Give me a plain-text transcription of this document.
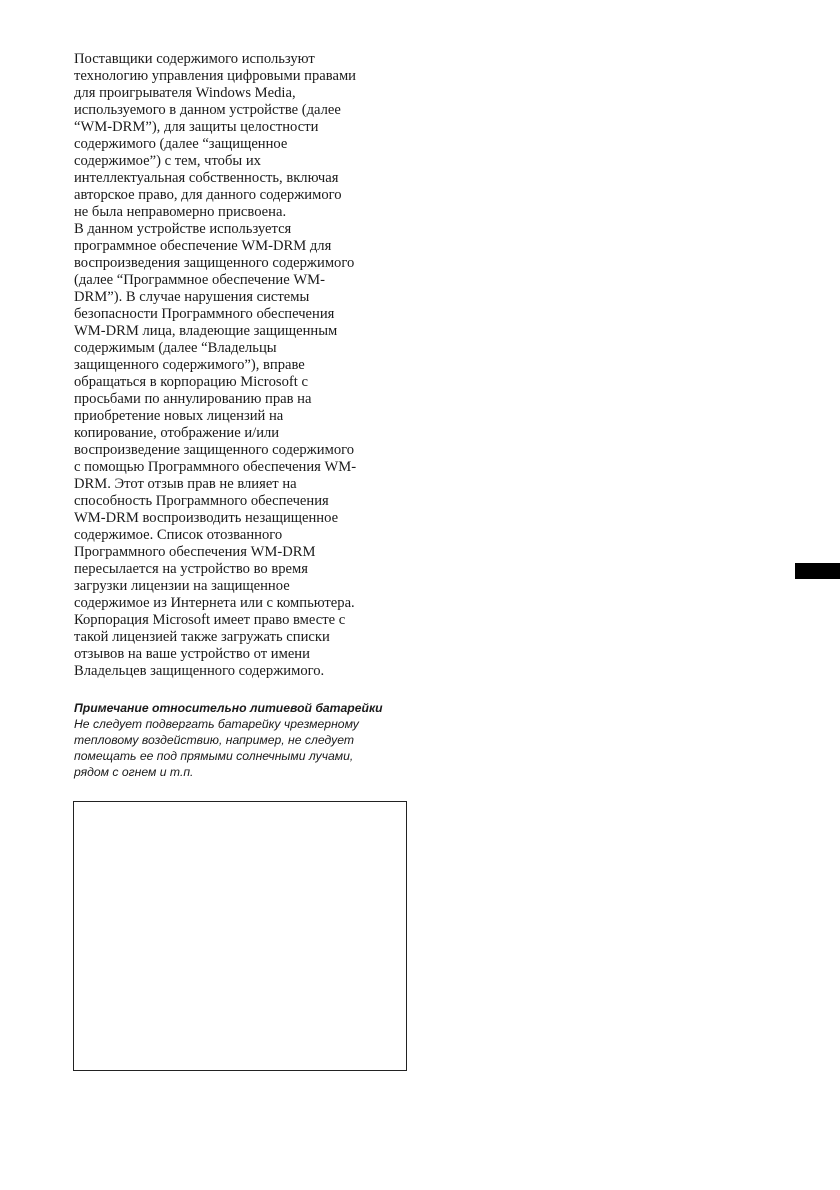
Поставщики содержимого используют
технологию управления цифровыми правами
для проигрывателя Windows Media,
используемого в данном устройстве (далее
“WM-DRM”), для защиты целостности
содержимого (далее “защищенное
содержимое”) с тем, чтобы их
интеллектуальная собственность, включая
авторское право, для данного содержимого
не была неправомерно присвоена.
В данном устройстве используется
программное обеспечение WM-DRM для
воспроизведения защищенного содержимого
(далее “Программное обеспечение WM-
DRM”). В случае нарушения системы
безопасности Программного обеспечения
WM-DRM лица, владеющие защищенным
содержимым (далее “Владельцы
защищенного содержимого”), вправе
обращаться в корпорацию Microsoft с
просьбами по аннулированию прав на
приобретение новых лицензий на
копирование, отображение и/или
воспроизведение защищенного содержимого
с помощью Программного обеспечения WM-
DRM. Этот отзыв прав не влияет на
способность Программного обеспечения
WM-DRM воспроизводить незащищенное
содержимое. Список отозванного
Программного обеспечения WM-DRM
пересылается на устройство во время
загрузки лицензии на защищенное
содержимое из Интернета или с компьютера.
Корпорация Microsoft имеет право вместе с
такой лицензией также загружать списки
отзывов на ваше устройство от имени
Владельцев защищенного содержимого.
Примечание относительно литиевой батарейки
Не следует подвергать батарейку чрезмерному
тепловому воздействию, например, не следует
помещать ее под прямыми солнечными лучами,
рядом с огнем и т.п.
